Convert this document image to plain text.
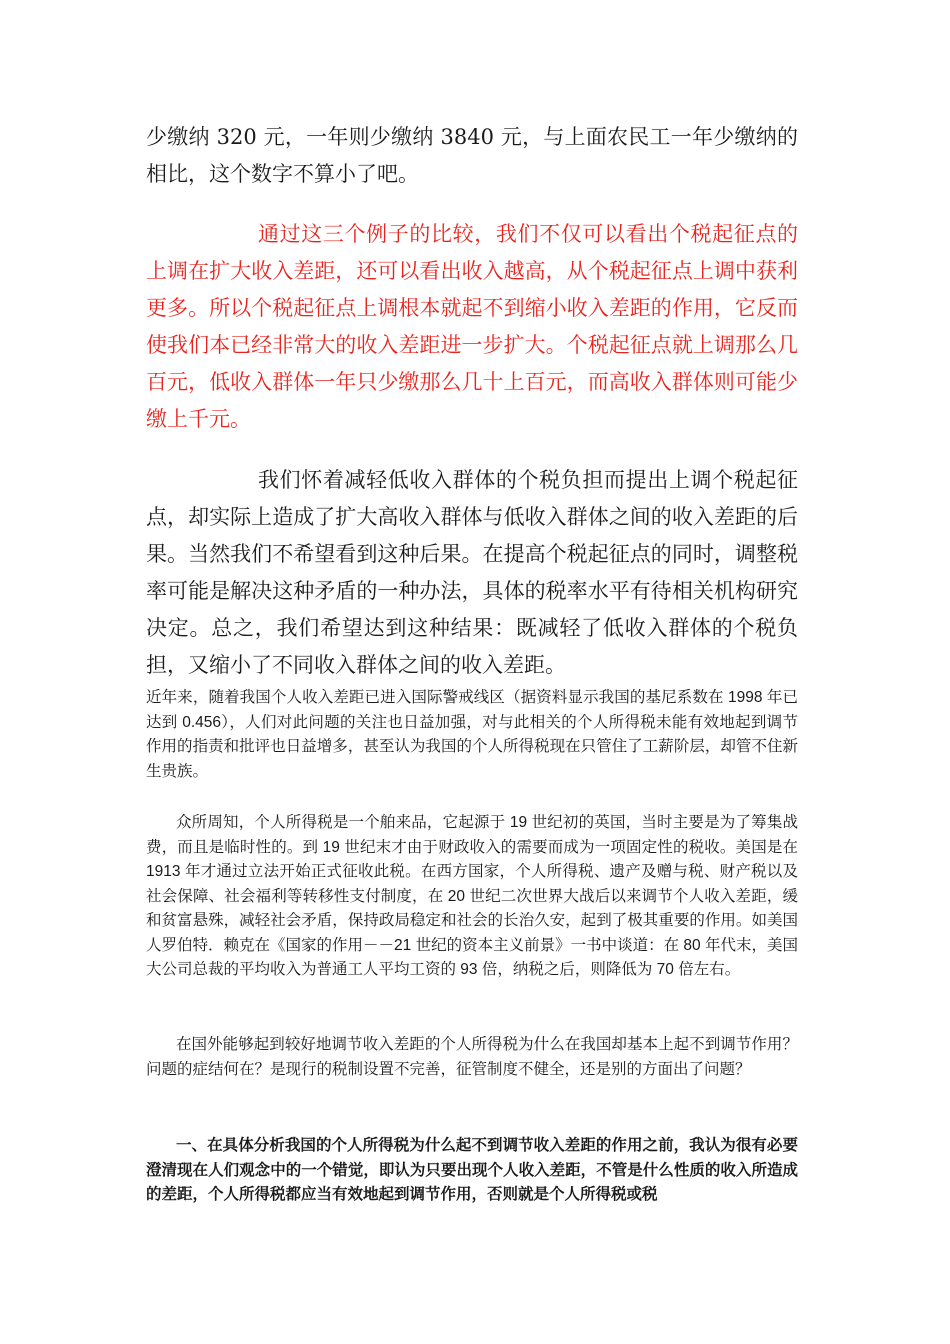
少缴纳 320 元，一年则少缴纳 3840 元，与上面农民工一年少缴纳的相比，这个数字不算小了吧。

通过这三个例子的比较，我们不仅可以看出个税起征点的上调在扩大收入差距，还可以看出收入越高，从个税起征点上调中获利更多。所以个税起征点上调根本就起不到缩小收入差距的作用，它反而使我们本已经非常大的收入差距进一步扩大。个税起征点就上调那么几百元，低收入群体一年只少缴那么几十上百元，而高收入群体则可能少缴上千元。

我们怀着减轻低收入群体的个税负担而提出上调个税起征点，却实际上造成了扩大高收入群体与低收入群体之间的收入差距的后果。当然我们不希望看到这种后果。在提高个税起征点的同时，调整税率可能是解决这种矛盾的一种办法，具体的税率水平有待相关机构研究决定。总之，我们希望达到这种结果：既减轻了低收入群体的个税负担，又缩小了不同收入群体之间的收入差距。

近年来，随着我国个人收入差距已进入国际警戒线区（据资料显示我国的基尼系数在 1998 年已达到 0.456），人们对此问题的关注也日益加强，对与此相关的个人所得税未能有效地起到调节作用的指责和批评也日益增多，甚至认为我国的个人所得税现在只管住了工薪阶层，却管不住新生贵族。

众所周知，个人所得税是一个舶来品，它起源于 19 世纪初的英国，当时主要是为了筹集战费，而且是临时性的。到 19 世纪末才由于财政收入的需要而成为一项固定性的税收。美国是在 1913 年才通过立法开始正式征收此税。在西方国家，个人所得税、遗产及赠与税、财产税以及社会保障、社会福利等转移性支付制度，在 20 世纪二次世界大战后以来调节个人收入差距，缓和贫富悬殊，减轻社会矛盾，保持政局稳定和社会的长治久安，起到了极其重要的作用。如美国人罗伯特．赖克在《国家的作用－－21 世纪的资本主义前景》一书中谈道：在 80 年代末，美国大公司总裁的平均收入为普通工人平均工资的 93 倍，纳税之后，则降低为 70 倍左右。

在国外能够起到较好地调节收入差距的个人所得税为什么在我国却基本上起不到调节作用？问题的症结何在？是现行的税制设置不完善，征管制度不健全，还是别的方面出了问题？

一、在具体分析我国的个人所得税为什么起不到调节收入差距的作用之前，我认为很有必要澄清现在人们观念中的一个错觉，即认为只要出现个人收入差距，不管是什么性质的收入所造成的差距，个人所得税都应当有效地起到调节作用，否则就是个人所得税或税
